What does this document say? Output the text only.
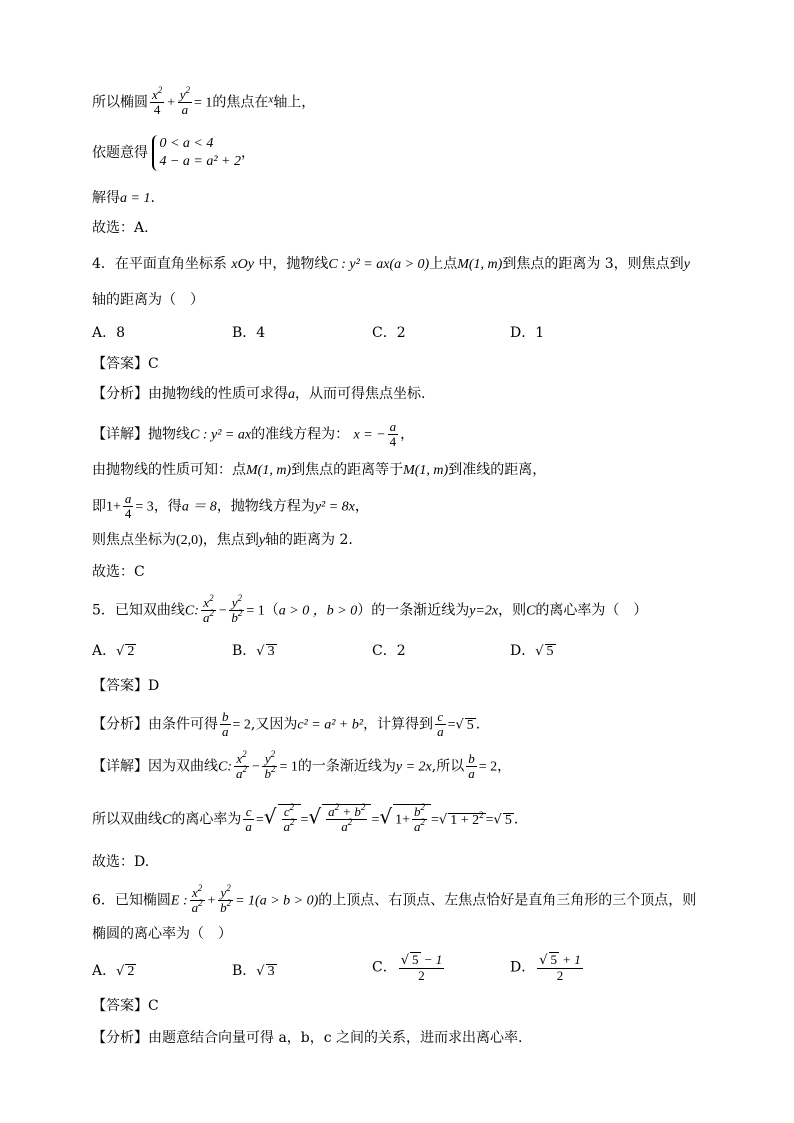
所以椭圆 $\frac{x^2}{4} + \frac{y^2}{a} = 1$的焦点在$^x$轴上，
依题意得
0 < a < 4
4 − a = a² + 2
，
解得a = 1.
故选：A.
4．在平面直角坐标系 xOy 中，抛物线C : y² = ax(a > 0)上点M(1, m)到焦点的距离为 3，则焦点到y
轴的距离为（　）
A．8	B．4	C．2	D．1
【答案】C
【分析】由抛物线的性质可求得a，从而可得焦点坐标.
【详解】抛物线C : y² = ax的准线方程为： x = − $\frac{a}{4}$ ，
由抛物线的性质可知：点M(1, m)到焦点的距离等于M(1, m)到准线的距离，
即$1+ \frac{a}{4} = 3$，得a ＝ 8，抛物线方程为y² = 8x，
则焦点坐标为(2,0)，焦点到y轴的距离为 2.
故选：C
5．已知双曲线C: $\frac{x^2}{a^2} - \frac{y^2}{b^2} = 1(a > 0$ ，b > 0）的一条渐近线为y=2x，则C的离心率为（　）
A．√ 2	B．√ 3	C．2	D．√ 5
【答案】D
【分析】由条件可得 $\frac{b}{a} = 2$,又因为c² = a² + b²，计算得到 $\frac{c}{a}$ =√ 5 .
【详解】因为双曲线C: $\frac{x^2}{a^2} - \frac{y^2}{b^2} = 1$的一条渐近线为y = 2x,所以 $\frac{b}{a} = 2$，
所以双曲线C的离心率为 $\frac{c}{a}$ =√ $\frac{c^2}{a^2}$ =√ $\frac{a^2 + b^2}{a^2}$ =√ $1+ \frac{b^2}{a^2}$ =√ $1 + 2^2$ =√ 5 .
故选：D.
6．已知椭圆E : $\frac{x^2}{a^2} + \frac{y^2}{b^2} = 1(a > b > 0)$的上顶点、右顶点、左焦点恰好是直角三角形的三个顶点，则
椭圆的离心率为（　）
A．√ 2	B．√ 3	C． $\frac{√ 5 - 1}{2}$	D． $\frac{√ 5 + 1}{2}$
【答案】C
【分析】由题意结合向量可得 a，b，c 之间的关系，进而求出离心率.
